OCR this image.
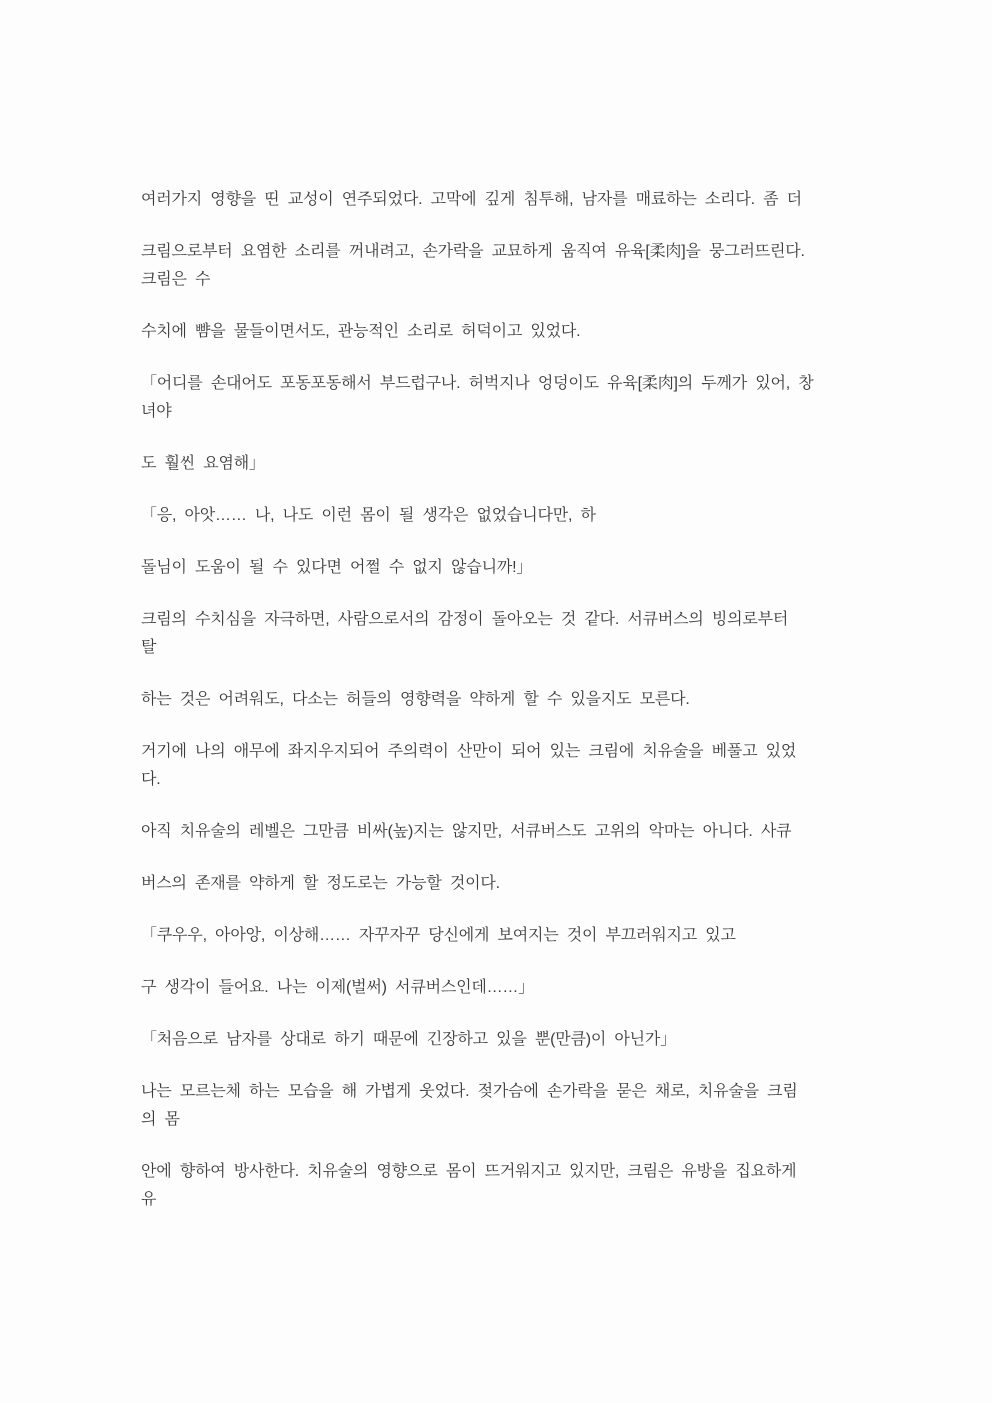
여러가지 영향을 띤 교성이 연주되었다. 고막에 깊게 침투해, 남자를 매료하는 소리다. 좀 더

크림으로부터 요염한 소리를 꺼내려고, 손가락을 교묘하게 움직여 유육[柔肉]을 뭉그러뜨린다.
크림은 수

수치에 뺨을 물들이면서도, 관능적인 소리로 허덕이고 있었다.

「어디를 손대어도 포동포동해서 부드럽구나. 허벅지나 엉덩이도 유육[柔肉]의 두께가 있어, 창
녀야

도 훨씬 요염해」

「응, 아앗…… 나, 나도 이런 몸이 될 생각은 없었습니다만, 하

돌님이 도움이 될 수 있다면 어쩔 수 없지 않습니까!」

크림의 수치심을 자극하면, 사람으로서의 감정이 돌아오는 것 같다. 서큐버스의 빙의로부터
탈

하는 것은 어려워도, 다소는 허들의 영향력을 약하게 할 수 있을지도 모른다.

거기에 나의 애무에 좌지우지되어 주의력이 산만이 되어 있는 크림에 치유술을 베풀고 있었
다.

아직 치유술의 레벨은 그만큼 비싸(높)지는 않지만, 서큐버스도 고위의 악마는 아니다. 사큐

버스의 존재를 약하게 할 정도로는 가능할 것이다.

「쿠우우, 아아앙, 이상해…… 자꾸자꾸 당신에게 보여지는 것이 부끄러워지고 있고

구 생각이 들어요. 나는 이제(벌써) 서큐버스인데……」

「처음으로 남자를 상대로 하기 때문에 긴장하고 있을 뿐(만큼)이 아닌가」

나는 모르는체 하는 모습을 해 가볍게 웃었다. 젖가슴에 손가락을 묻은 채로, 치유술을 크림
의 몸

안에 향하여 방사한다. 치유술의 영향으로 몸이 뜨거워지고 있지만, 크림은 유방을 집요하게
유
